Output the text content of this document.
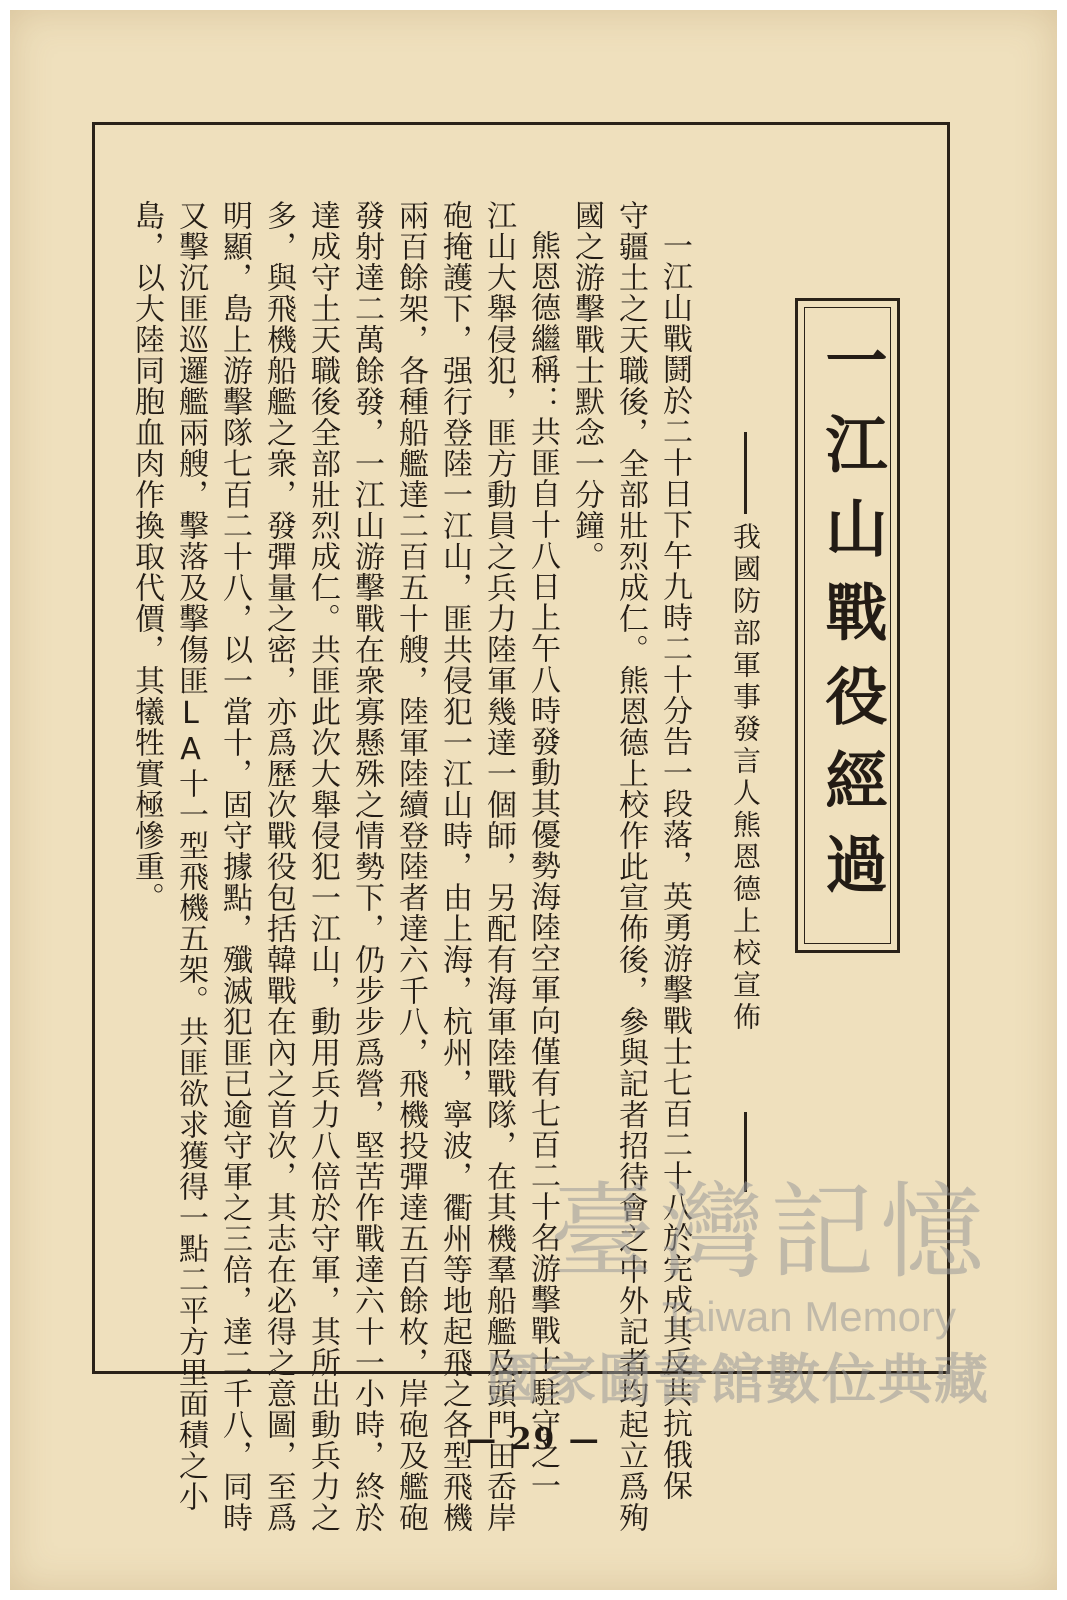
一江山戰役經過
我國防部軍事發言人熊恩德上校宣佈
一江山戰鬪於二十日下午九時二十分告一段落，英勇游擊戰士七百二十八於完成其反共抗俄保
守疆土之天職後，全部壯烈成仁。熊恩德上校作此宣佈後，參與記者招待會之中外記者均起立爲殉
國之游擊戰士默念一分鐘。
熊恩德繼稱：共匪自十八日上午八時發動其優勢海陸空軍向僅有七百二十名游擊戰士駐守之一
江山大舉侵犯，匪方動員之兵力陸軍幾達一個師，另配有海軍陸戰隊，在其機羣船艦及頭門田岙岸
砲掩護下，强行登陸一江山，匪共侵犯一江山時，由上海，杭州，寧波，衢州等地起飛之各型飛機
兩百餘架，各種船艦達二百五十艘，陸軍陸續登陸者達六千八，飛機投彈達五百餘枚，岸砲及艦砲
發射達二萬餘發，一江山游擊戰在衆寡懸殊之情勢下，仍步步爲營，堅苦作戰達六十一小時，終於
達成守土天職後全部壯烈成仁。共匪此次大舉侵犯一江山，動用兵力八倍於守軍，其所出動兵力之
多，與飛機船艦之衆，發彈量之密，亦爲歷次戰役包括韓戰在內之首次，其志在必得之意圖，至爲
明顯，島上游擊隊七百二十八，以一當十，固守據點，殲滅犯匪已逾守軍之三倍，達二千八，同時
又擊沉匪巡邏艦兩艘，擊落及擊傷匪LA十一型飛機五架。共匪欲求獲得一點二平方里面積之小
島，以大陸同胞血肉作換取代價，其犧牲實極慘重。
— 29 —
臺灣記憶
Taiwan Memory
國家圖書館數位典藏
